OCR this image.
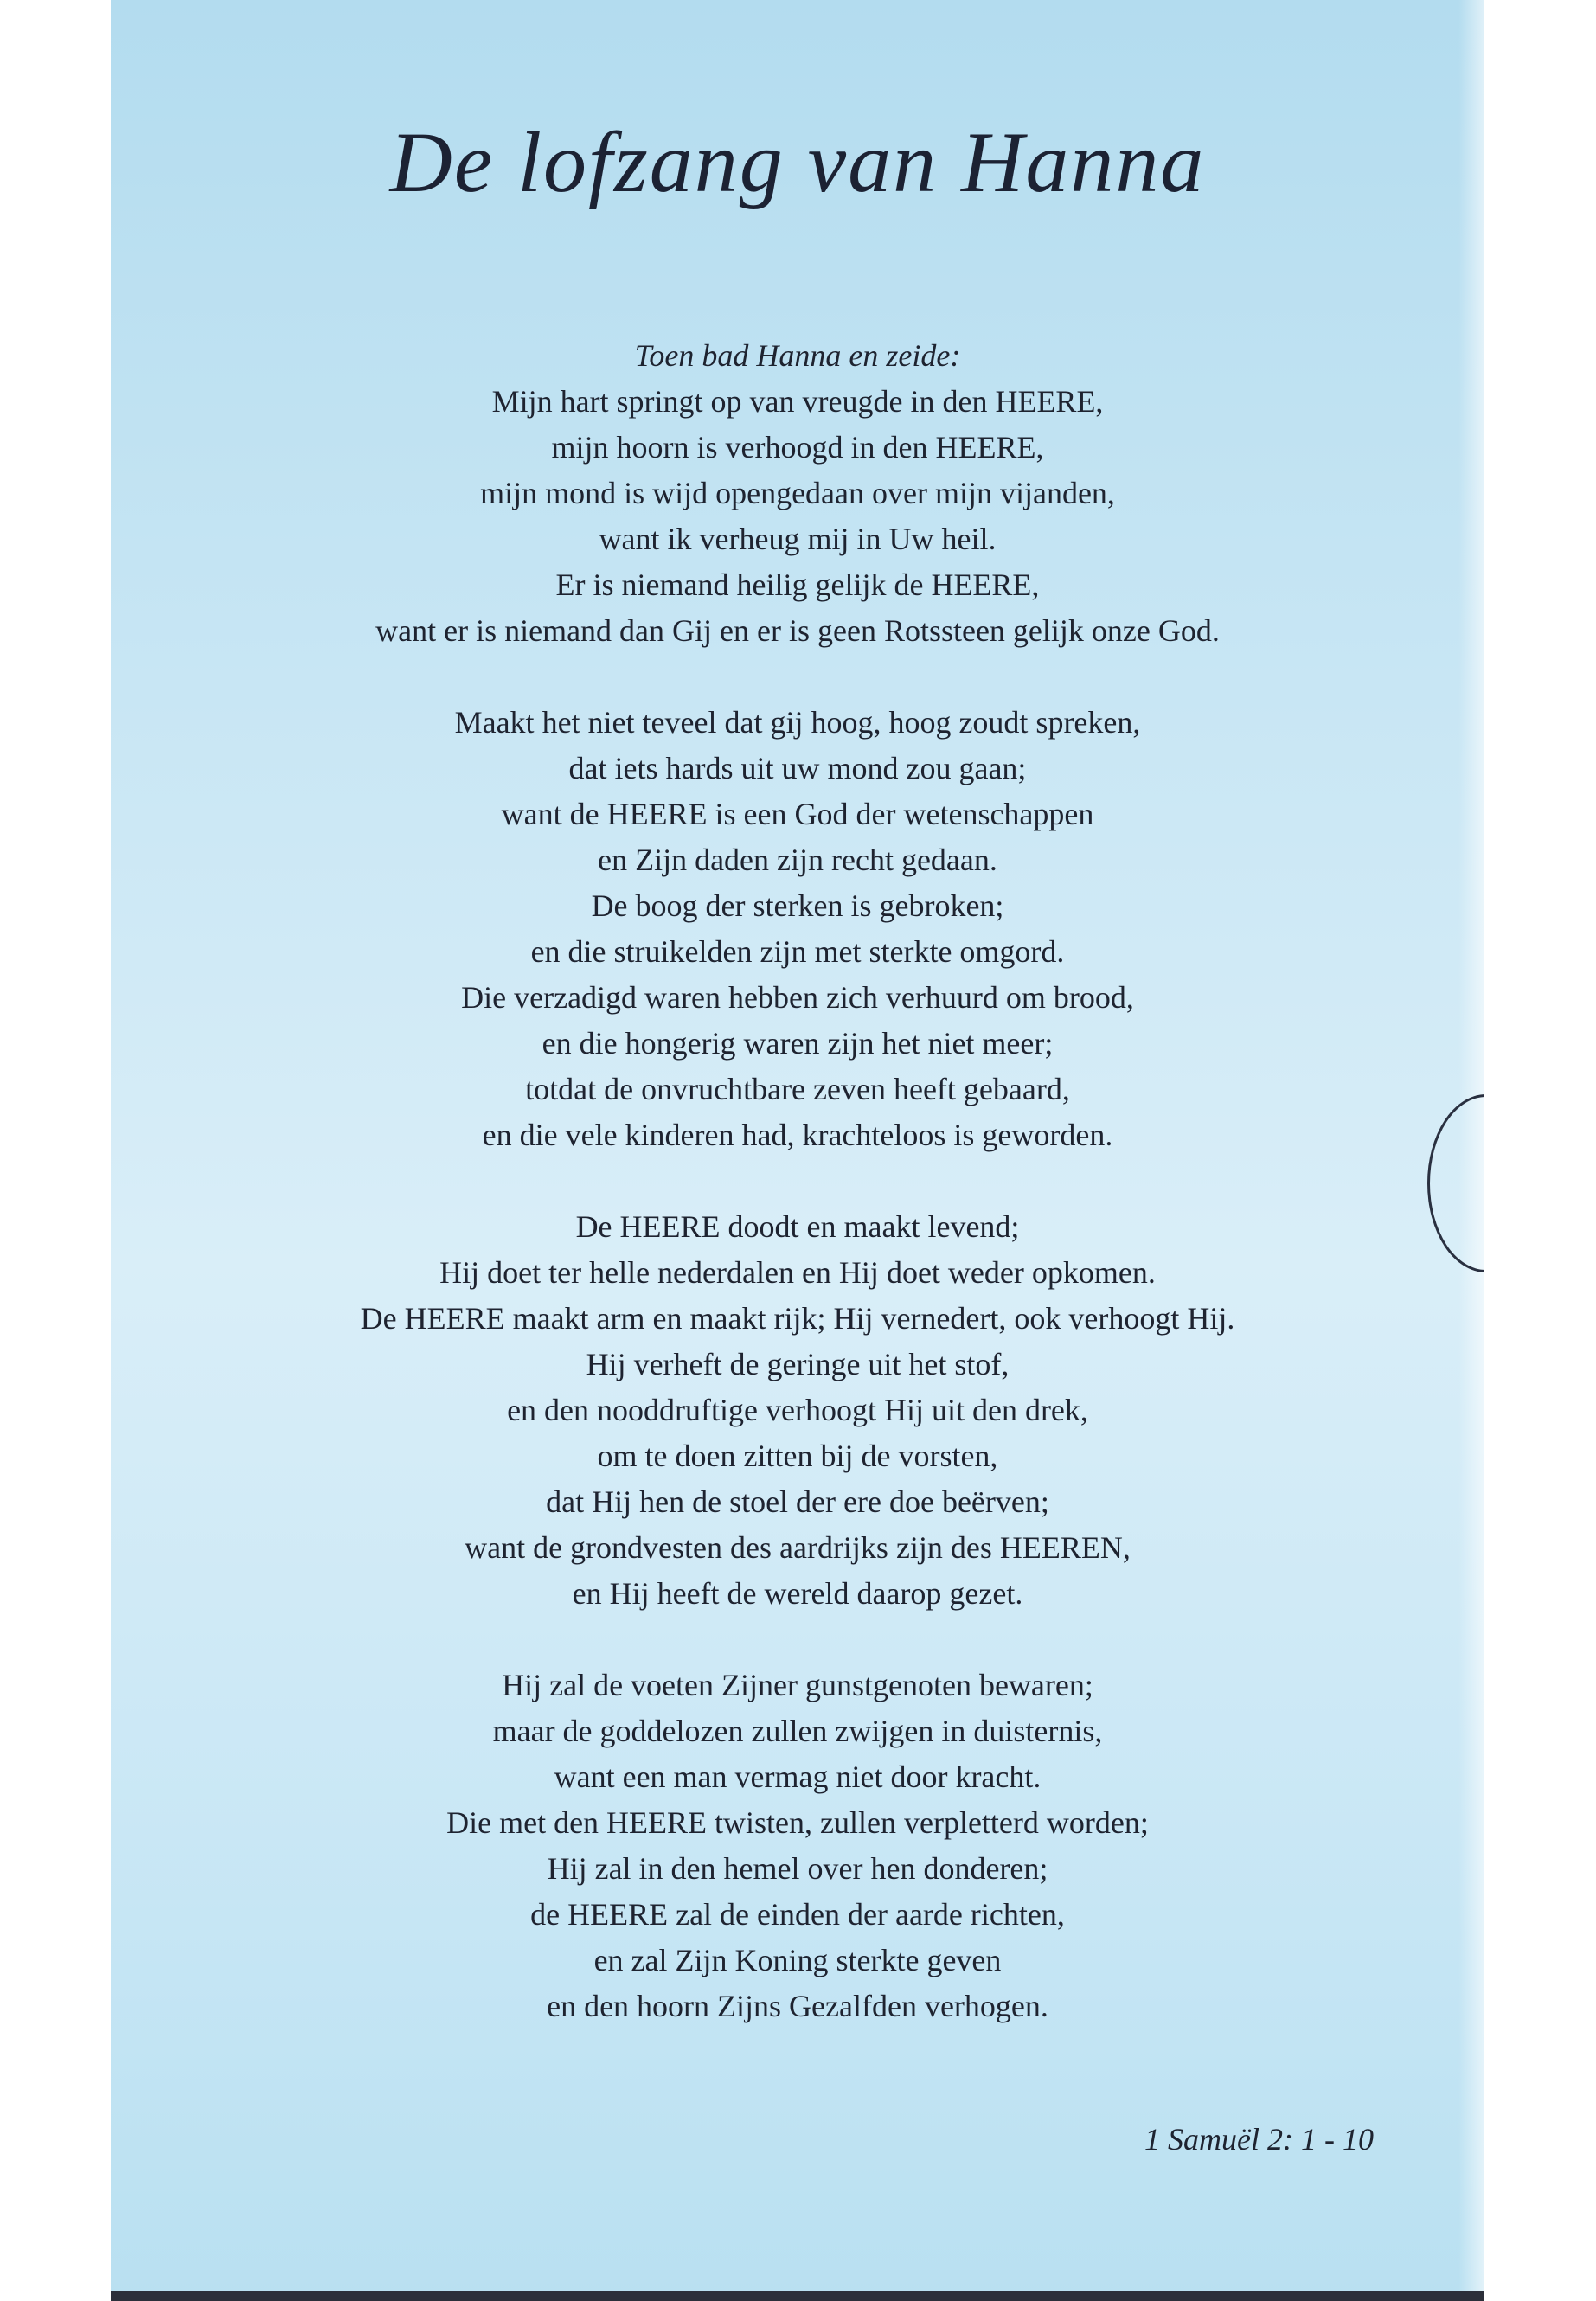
De lofzang van Hanna
Toen bad Hanna en zeide:
Mijn hart springt op van vreugde in den HEERE,
mijn hoorn is verhoogd in den HEERE,
mijn mond is wijd opengedaan over mijn vijanden,
want ik verheug mij in Uw heil.
Er is niemand heilig gelijk de HEERE,
want er is niemand dan Gij en er is geen Rotssteen gelijk onze God.
Maakt het niet teveel dat gij hoog, hoog zoudt spreken,
dat iets hards uit uw mond zou gaan;
want de HEERE is een God der wetenschappen
en Zijn daden zijn recht gedaan.
De boog der sterken is gebroken;
en die struikelden zijn met sterkte omgord.
Die verzadigd waren hebben zich verhuurd om brood,
en die hongerig waren zijn het niet meer;
totdat de onvruchtbare zeven heeft gebaard,
en die vele kinderen had, krachteloos is geworden.
De HEERE doodt en maakt levend;
Hij doet ter helle nederdalen en Hij doet weder opkomen.
De HEERE maakt arm en maakt rijk; Hij vernedert, ook verhoogt Hij.
Hij verheft de geringe uit het stof,
en den nooddruftige verhoogt Hij uit den drek,
om te doen zitten bij de vorsten,
dat Hij hen de stoel der ere doe beërven;
want de grondvesten des aardrijks zijn des HEEREN,
en Hij heeft de wereld daarop gezet.
Hij zal de voeten Zijner gunstgenoten bewaren;
maar de goddelozen zullen zwijgen in duisternis,
want een man vermag niet door kracht.
Die met den HEERE twisten, zullen verpletterd worden;
Hij zal in den hemel over hen donderen;
de HEERE zal de einden der aarde richten,
en zal Zijn Koning sterkte geven
en den hoorn Zijns Gezalfden verhogen.
1 Samuël 2: 1 - 10
